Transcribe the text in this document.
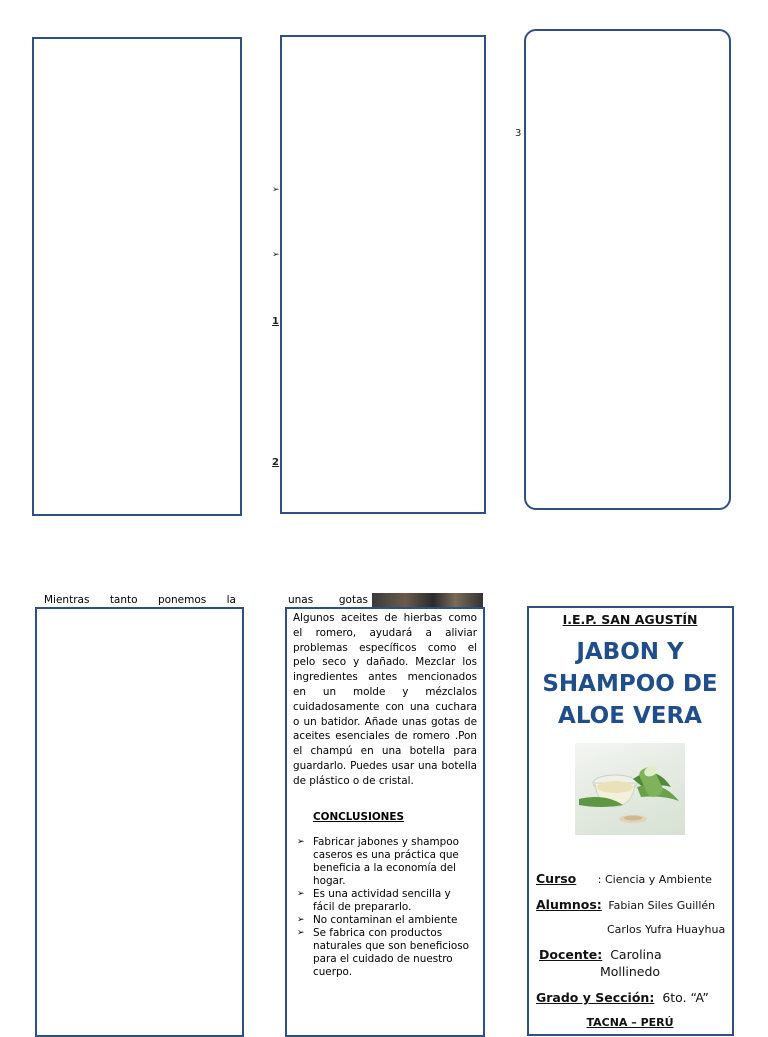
3
➢
➢
1
2
Mientras tanto ponemos la	unas gotas
Algunos aceites de hierbas como el romero, ayudará a aliviar problemas específicos como el pelo seco y dañado. Mezclar los ingredientes antes mencionados en un molde y mézclalos cuidadosamente con una cuchara o un batidor. Añade unas gotas de aceites esenciales de romero .Pon el champú en una botella para guardarlo. Puedes usar una botella de plástico o de cristal.
CONCLUSIONES
➢ Fabricar jabones y shampoo caseros es una práctica que beneficia a la economía del hogar.
➢ Es una actividad sencilla y fácil de prepararlo.
➢ No contaminan el ambiente
➢ Se fabrica con productos naturales que son beneficioso para el cuidado de nuestro cuerpo.
I.E.P. SAN AGUSTÍN
JABON Y SHAMPOO DE ALOE VERA
Curso : Ciencia y Ambiente
Alumnos: Fabian Siles Guillén
Carlos Yufra Huayhua
Docente: Carolina
Mollinedo
Grado y Sección: 6to. “A”
TACNA – PERÚ
